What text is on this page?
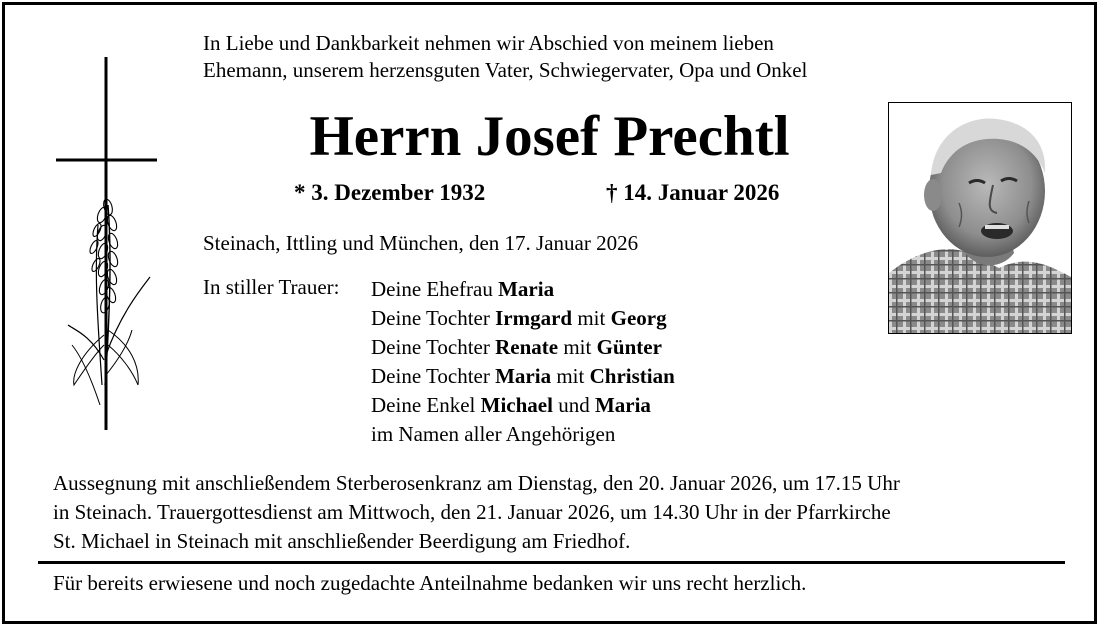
In Liebe und Dankbarkeit nehmen wir Abschied von meinem lieben
Ehemann, unserem herzensguten Vater, Schwiegervater, Opa und Onkel
Herrn Josef Prechtl
* 3. Dezember 1932	† 14. Januar 2026
Steinach, Ittling und München, den 17. Januar 2026
In stiller Trauer: Deine Ehefrau Maria
Deine Tochter Irmgard mit Georg
Deine Tochter Renate mit Günter
Deine Tochter Maria mit Christian
Deine Enkel Michael und Maria
im Namen aller Angehörigen
Aussegnung mit anschließendem Sterberosenkranz am Dienstag, den 20. Januar 2026, um 17.15 Uhr
in Steinach. Trauergottesdienst am Mittwoch, den 21. Januar 2026, um 14.30 Uhr in der Pfarrkirche
St. Michael in Steinach mit anschließender Beerdigung am Friedhof.
Für bereits erwiesene und noch zugedachte Anteilnahme bedanken wir uns recht herzlich.
